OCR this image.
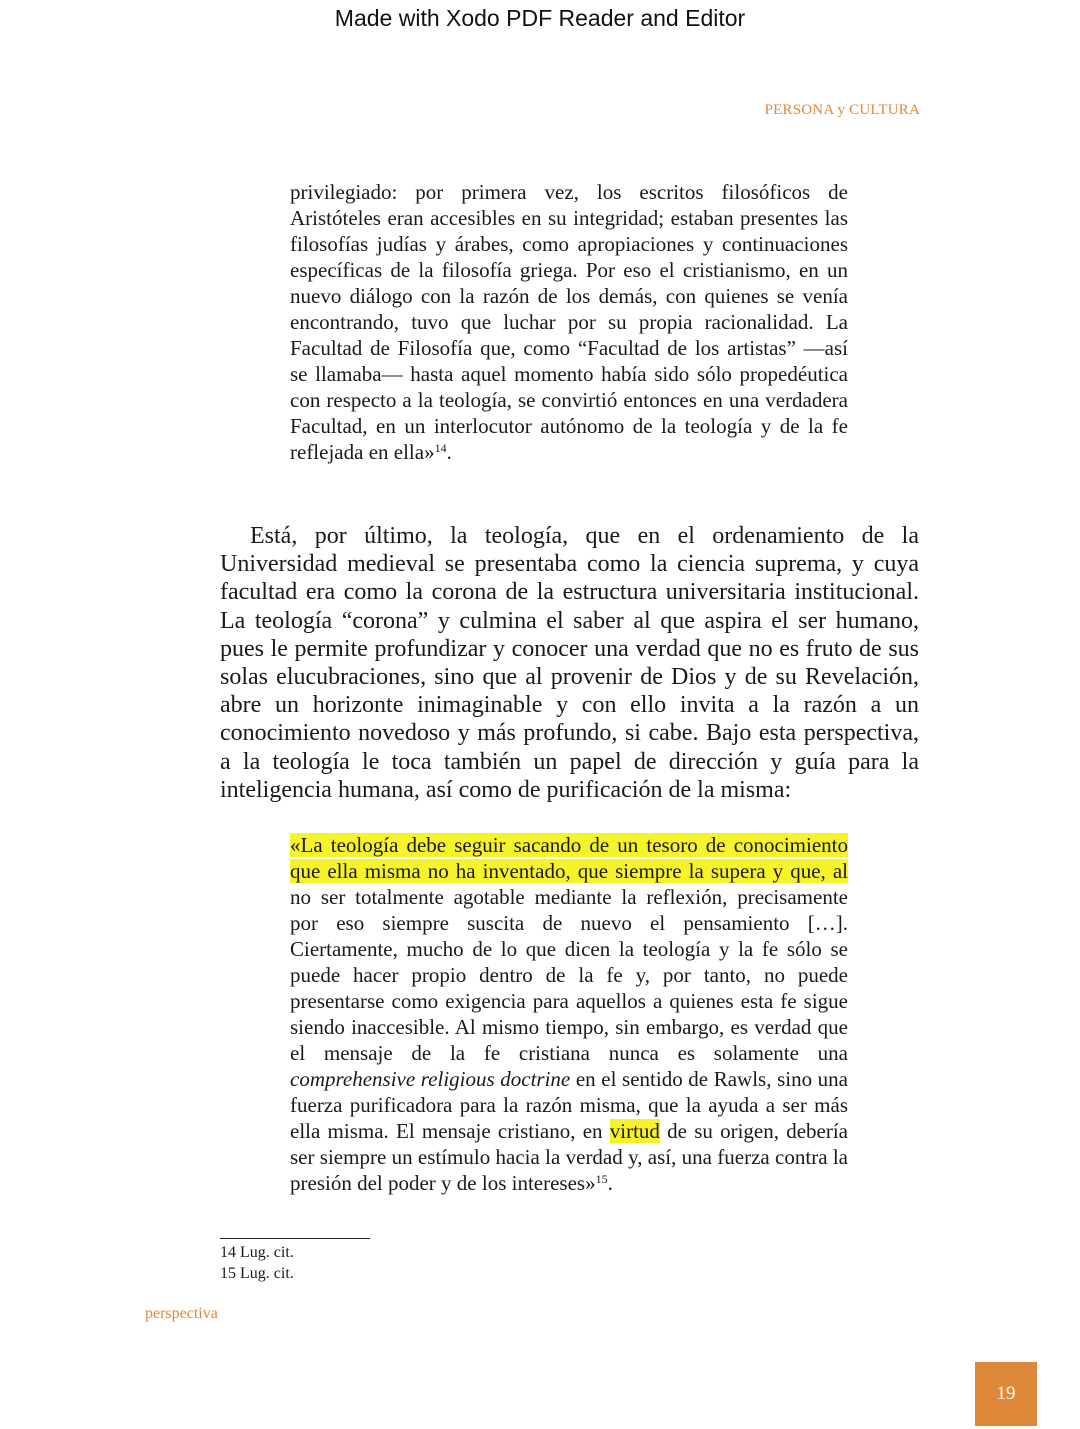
Made with Xodo PDF Reader and Editor
PERSONA y CULTURA

privilegiado: por primera vez, los escritos filosóficos de Aristóteles eran accesibles en su integridad; estaban presentes las filosofías judías y árabes, como apropiaciones y continuaciones específicas de la filosofía griega. Por eso el cristianismo, en un nuevo diálogo con la razón de los demás, con quienes se venía encontrando, tuvo que luchar por su propia racionalidad. La Facultad de Filosofía que, como “Facultad de los artistas” —así se llamaba— hasta aquel momento había sido sólo propedéutica con respecto a la teología, se convirtió entonces en una verdadera Facultad, en un interlocutor autónomo de la teología y de la fe reflejada en ella»$^{14}$.

Está, por último, la teología, que en el ordenamiento de la Universidad medieval se presentaba como la ciencia suprema, y cuya facultad era como la corona de la estructura universitaria institucional. La teología “corona” y culmina el saber al que aspira el ser humano, pues le permite profundizar y conocer una verdad que no es fruto de sus solas elucubraciones, sino que al provenir de Dios y de su Revelación, abre un horizonte inimaginable y con ello invita a la razón a un conocimiento novedoso y más profundo, si cabe. Bajo esta perspectiva, a la teología le toca también un papel de dirección y guía para la inteligencia humana, así como de purificación de la misma:

«La teología debe seguir sacando de un tesoro de conocimiento que ella misma no ha inventado, que siempre la supera y que, al no ser totalmente agotable mediante la reflexión, precisamente por eso siempre suscita de nuevo el pensamiento […]. Ciertamente, mucho de lo que dicen la teología y la fe sólo se puede hacer propio dentro de la fe y, por tanto, no puede presentarse como exigencia para aquellos a quienes esta fe sigue siendo inaccesible. Al mismo tiempo, sin embargo, es verdad que el mensaje de la fe cristiana nunca es solamente una comprehensive religious doctrine en el sentido de Rawls, sino una fuerza purificadora para la razón misma, que la ayuda a ser más ella misma. El mensaje cristiano, en virtud de su origen, debería ser siempre un estímulo hacia la verdad y, así, una fuerza contra la presión del poder y de los intereses»$^{15}$.

14 Lug. cit.
15 Lug. cit.
perspectiva
19
